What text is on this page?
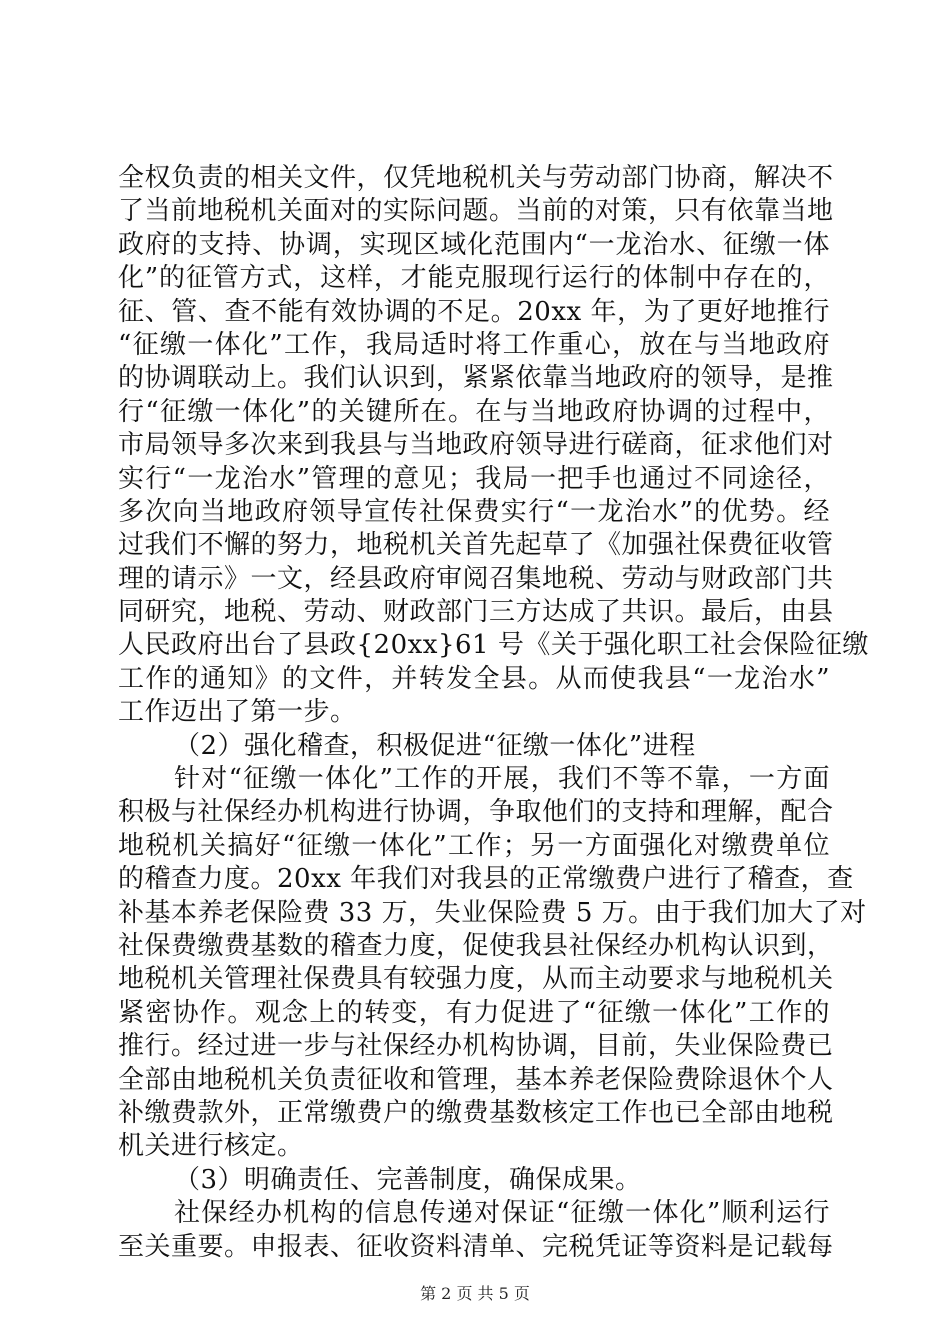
全权负责的相关文件，仅凭地税机关与劳动部门协商，解决不
了当前地税机关面对的实际问题。当前的对策，只有依靠当地
政府的支持、协调，实现区域化范围内“一龙治水、征缴一体
化”的征管方式，这样，才能克服现行运行的体制中存在的，
征、管、查不能有效协调的不足。20xx 年，为了更好地推行
“征缴一体化”工作，我局适时将工作重心，放在与当地政府
的协调联动上。我们认识到，紧紧依靠当地政府的领导，是推
行“征缴一体化”的关键所在。在与当地政府协调的过程中，
市局领导多次来到我县与当地政府领导进行磋商，征求他们对
实行“一龙治水”管理的意见；我局一把手也通过不同途径，
多次向当地政府领导宣传社保费实行“一龙治水”的优势。经
过我们不懈的努力，地税机关首先起草了《加强社保费征收管
理的请示》一文，经县政府审阅召集地税、劳动与财政部门共
同研究，地税、劳动、财政部门三方达成了共识。最后，由县
人民政府出台了县政{20xx}61 号《关于强化职工社会保险征缴
工作的通知》的文件，并转发全县。从而使我县“一龙治水”
工作迈出了第一步。
（2）强化稽查，积极促进“征缴一体化”进程
针对“征缴一体化”工作的开展，我们不等不靠，一方面
积极与社保经办机构进行协调，争取他们的支持和理解，配合
地税机关搞好“征缴一体化”工作；另一方面强化对缴费单位
的稽查力度。20xx 年我们对我县的正常缴费户进行了稽查，查
补基本养老保险费 33 万，失业保险费 5 万。由于我们加大了对
社保费缴费基数的稽查力度，促使我县社保经办机构认识到，
地税机关管理社保费具有较强力度，从而主动要求与地税机关
紧密协作。观念上的转变，有力促进了“征缴一体化”工作的
推行。经过进一步与社保经办机构协调，目前，失业保险费已
全部由地税机关负责征收和管理，基本养老保险费除退休个人
补缴费款外，正常缴费户的缴费基数核定工作也已全部由地税
机关进行核定。
（3）明确责任、完善制度，确保成果。
社保经办机构的信息传递对保证“征缴一体化”顺利运行
至关重要。申报表、征收资料清单、完税凭证等资料是记载每
第 2 页 共 5 页
